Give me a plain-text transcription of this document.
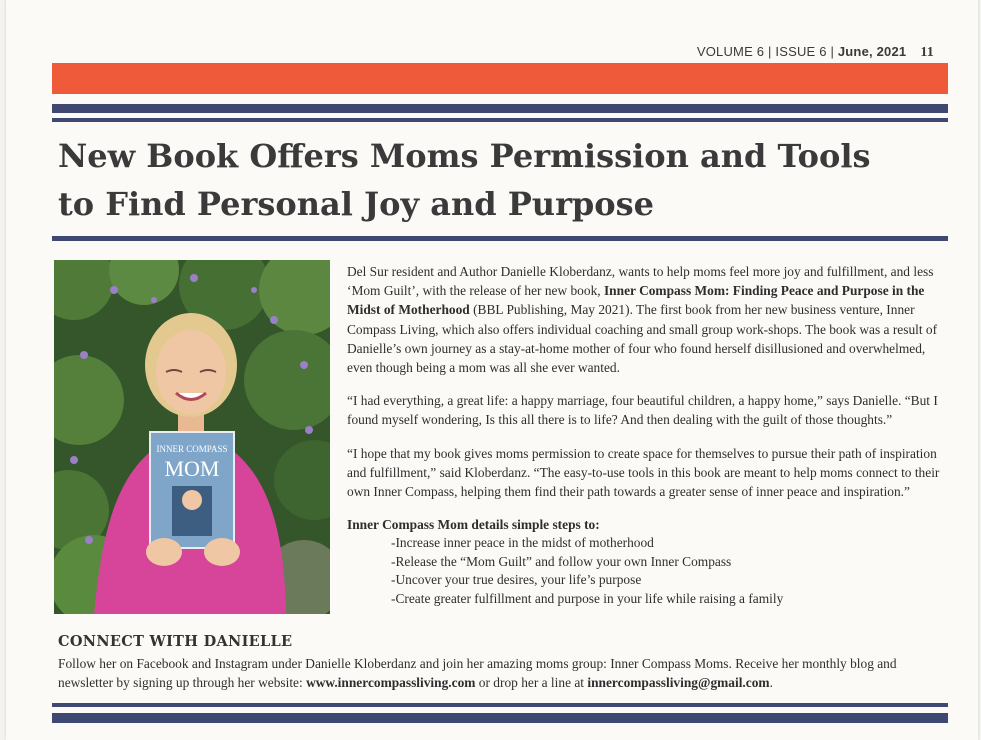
VOLUME 6 | ISSUE 6 | June, 2021 11
New Book Offers Moms Permission and Tools
to Find Personal Joy and Purpose
INNER COMPASS
MOM

Del Sur resident and Author Danielle Kloberdanz, wants to help moms feel more joy and fulfillment, and less ‘Mom Guilt’, with the release of her new book, Inner Compass Mom: Finding Peace and Purpose in the Midst of Motherhood (BBL Publishing, May 2021). The first book from her new business venture, Inner Compass Living, which also offers individual coaching and small group work-shops. The book was a result of Danielle’s own journey as a stay-at-home mother of four who found herself disillusioned and overwhelmed, even though being a mom was all she ever wanted.

“I had everything, a great life: a happy marriage, four beautiful children, a happy home,” says Danielle. “But I found myself wondering, Is this all there is to life? And then dealing with the guilt of those thoughts.”

“I hope that my book gives moms permission to create space for themselves to pursue their path of inspiration and fulfillment,” said Kloberdanz. “The easy-to-use tools in this book are meant to help moms connect to their own Inner Compass, helping them find their path towards a greater sense of inner peace and inspiration.”

Inner Compass Mom details simple steps to:

-Increase inner peace in the midst of motherhood
-Release the “Mom Guilt” and follow your own Inner Compass
-Uncover your true desires, your life’s purpose
-Create greater fulfillment and purpose in your life while raising a family
CONNECT WITH DANIELLE

Follow her on Facebook and Instagram under Danielle Kloberdanz and join her amazing moms group: Inner Compass Moms. Receive her monthly blog and newsletter by signing up through her website: www.innercompassliving.com or drop her a line at innercompassliving@gmail.com.
